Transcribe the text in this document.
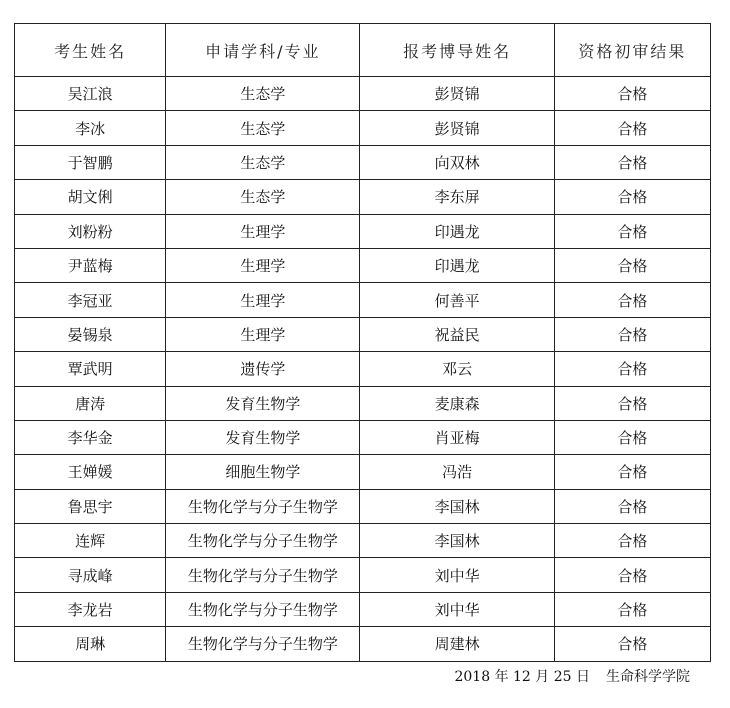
考生姓名	申请学科/专业	报考博导姓名	资格初审结果
吴江浪	生态学	彭贤锦	合格
李冰	生态学	彭贤锦	合格
于智鹏	生态学	向双林	合格
胡文俐	生态学	李东屏	合格
刘粉粉	生理学	印遇龙	合格
尹蓝梅	生理学	印遇龙	合格
李冠亚	生理学	何善平	合格
晏锡泉	生理学	祝益民	合格
覃武明	遗传学	邓云	合格
唐涛	发育生物学	麦康森	合格
李华金	发育生物学	肖亚梅	合格
王婵媛	细胞生物学	冯浩	合格
鲁思宇	生物化学与分子生物学	李国林	合格
连辉	生物化学与分子生物学	李国林	合格
寻成峰	生物化学与分子生物学	刘中华	合格
李龙岩	生物化学与分子生物学	刘中华	合格
周琳	生物化学与分子生物学	周建林	合格
2018 年 12 月 25 日 生命科学学院
